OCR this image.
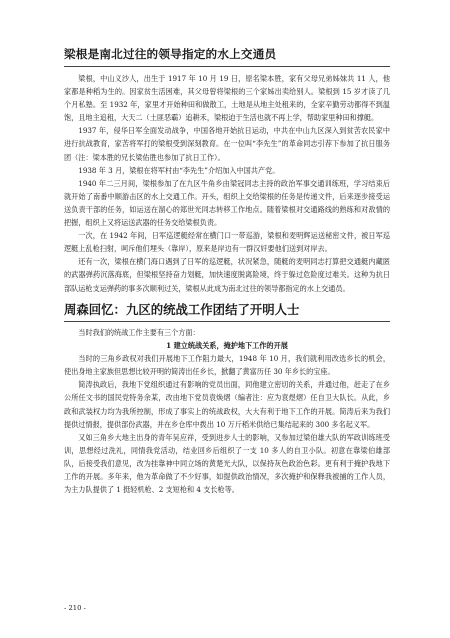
梁根是南北过往的领导指定的水上交通员

梁根，中山义沙人，出生于 1917 年 10 月 19 日，原名梁本胜，家有父母兄弟姊妹共 11 人，他家都是种稻为生的。因家贫生活困难，其父母曾将梁根的三个家姊出卖给别人。梁根到 15 岁才读了几个月私塾。至 1932 年，家里才开始种田和做散工，土地是从地主处租来的，全家辛勤劳动都得不到温饱，且地主追租，大天二（土匪恶霸）追耕禾，梁根迫于生活也就不再上学，帮助家里种田和撑艇。

1937 年，侵华日军全面发动战争，中国各地开始抗日运动，中共在中山九区深入到贫苦农民家中进行抗战教育，家苦将军打的梁根受到深刻教育。在一位叫“李先生”的革命同志引荐下参加了抗日服务团（注：梁本胜的兄长梁佑胜也参加了抗日工作）。

1938 年 3 月，梁根在将军村由“李先生”介绍加入中国共产党。

1940 年二三月间，梁根参加了在九区牛角乡由梁冠同志主持的政治军事交通训练班，学习结束后就开始了南番中顺游击区的水上交通工作。开头，组织上交给梁根的任务是传递文件，后来逐步接受运送负责干部的任务，如运送在溜心的郑世光同志转移工作地点。随着梁根对交通路线的熟练和对敌情的把握，组织上又将运送武器的任务交给梁根负责。

一次，在 1942 年间，日军巡逻艇经常在横门口一带巡游，梁根和麦明辉运送秘密文件，被日军巡逻艇上乱枪扫射，呵斥他们埋头（靠岸），原来是岸边有一群汉奸要他们送到对岸去。

还有一次，梁根在横门海口遇到了日军的巡逻艇，状况紧急，随艇的麦明同志打算把交通艇内藏匿的武器弹药沉落海底，但梁根坚持奋力划艇，加快速度脱离险境，终于躲过危险度过难关。这种为抗日部队运枪支运弹药的事多次顺利过关，梁根从此成为南北过往的领导都指定的水上交通员。

周森回忆：九区的统战工作团结了开明人士

当时我们的统战工作主要有三个方面：

1 建立统战关系，掩护地下工作的开展

当时的三角乡政权对我们开展地下工作阻力最大，1948 年 10 月，我们就利用改选乡长的机会，使出身地主家族但思想比较开明的简涛出任乡长，掀翻了黄富历任 30 年乡长的宝座。

简涛执政后，我地下党组织通过有影响的党员出面，同他建立密切的关系，并通过他，赶走了在乡公所任文书的国民党特务余某，改由地下党员袁焕熠（编者注：应为袁煜熠）任自卫大队长。从此，乡政和武装权力均为我所控制，形成了事实上的统战政权，大大有利于地下工作的开展。简涛后来为我们提供过情报，提供部份武器，并在乡仓库中拨出 10 万斤稻米供给已集结起来的 300 多名起义军。

又如三角乡大地主出身的青年吴应祥，受到进步人士的影响，又参加过梁伯雄大队的军政训练班受训，思想经过洗礼，同情我党活动，结业回乡后组织了一支 10 多人的自卫小队。初意在靠梁伯雄部队，后接受我们意见，改为挂靠神中同立场的黄楚光大队，以保持灰色政治色彩。更有利于掩护我地下工作的开展。多年来，他为革命做了不少好事，如提供政治情况，多次掩护和保释我被捕的工作人员，为主力队提供了 1 挺轻机枪、2 支短枪和 4 支长枪等。

- 210 -
